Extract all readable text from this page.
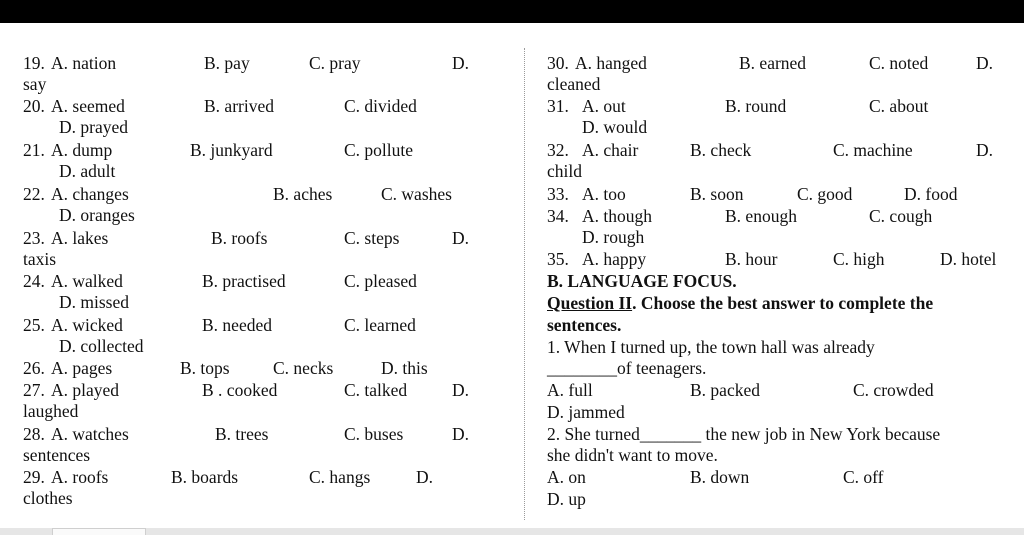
19. A. nation	B. pay	C. pray	D.
say
20. A. seemed	B. arrived	C. divided
D. prayed
21. A. dump	B. junkyard	C. pollute
D. adult
22. A. changes	B. aches	C. washes
D. oranges
23. A. lakes	B. roofs	C. steps	D.
taxis
24. A. walked	B. practised	C. pleased
D. missed
25. A. wicked	B. needed	C. learned
D. collected
26. A. pages	B. tops C. necks	D. this
27. A. played	B . cooked	C. talked	D.
laughed
28. A. watches	B. trees	C. buses	D.
sentences
29. A. roofs	B. boards	C. hangs	D.
clothes
30. A. hanged	B. earned	C. noted	D.
cleaned
31. A. out	B. round	C. about
D. would
32. A. chair	B. check	C. machine	D.
child
33. A. too	B. soon	C. good	D. food
34. A. though	B. enough	C. cough
D. rough
35. A. happy	B. hour	C. high	D. hotel
B. LANGUAGE FOCUS.
Question II. Choose the best answer to complete the
sentences.
1. When I turned up, the town hall was already
________of teenagers.
A. full	B. packed	C. crowded
D. jammed
2. She turned_______ the new job in New York because
she didn't want to move.
A. on	B. down	C. off
D. up
